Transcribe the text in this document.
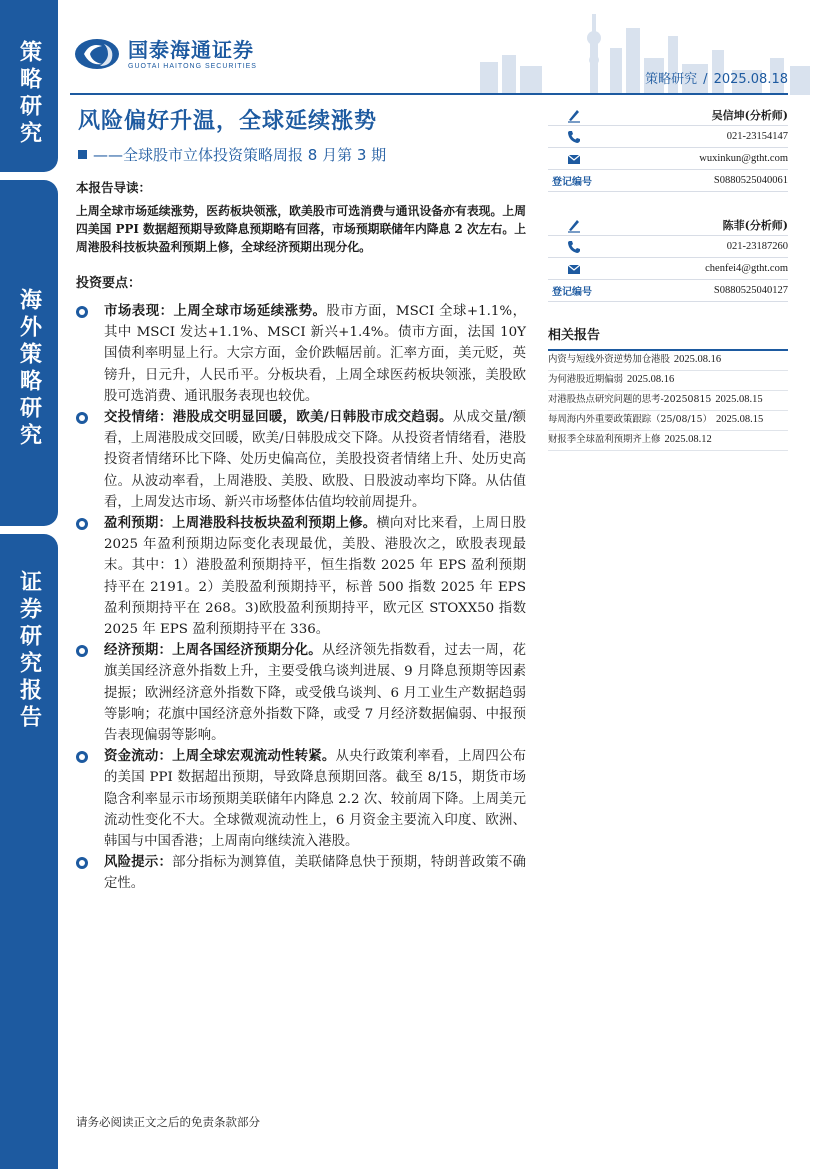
策略研究
海外策略研究
证券研究报告
国泰海通证券
GUOTAI HAITONG SECURITIES
策略研究 / 2025.08.18
风险偏好升温，全球延续涨势
——全球股市立体投资策略周报 8 月第 3 期
本报告导读：
上周全球市场延续涨势，医药板块领涨，欧美股市可选消费与通讯设备亦有表现。上周四美国 PPI 数据超预期导致降息预期略有回落，市场预期联储年内降息 2 次左右。上周港股科技板块盈利预期上修，全球经济预期出现分化。
投资要点：
市场表现：上周全球市场延续涨势。股市方面，MSCI 全球+1.1%，其中 MSCI 发达+1.1%、MSCI 新兴+1.4%。债市方面，法国 10Y 国债利率明显上行。大宗方面，金价跌幅居前。汇率方面，美元贬，英镑升，日元升，人民币平。分板块看，上周全球医药板块领涨，美股欧股可选消费、通讯服务表现也较优。
交投情绪：港股成交明显回暖，欧美/日韩股市成交趋弱。从成交量/额看，上周港股成交回暖，欧美/日韩股成交下降。从投资者情绪看，港股投资者情绪环比下降、处历史偏高位，美股投资者情绪上升、处历史高位。从波动率看，上周港股、美股、欧股、日股波动率均下降。从估值看，上周发达市场、新兴市场整体估值均较前周提升。
盈利预期：上周港股科技板块盈利预期上修。横向对比来看，上周日股 2025 年盈利预期边际变化表现最优，美股、港股次之，欧股表现最末。其中：1）港股盈利预期持平，恒生指数 2025 年 EPS 盈利预期持平在 2191。2）美股盈利预期持平，标普 500 指数 2025 年 EPS 盈利预期持平在 268。3)欧股盈利预期持平，欧元区 STOXX50 指数 2025 年 EPS 盈利预期持平在 336。
经济预期：上周各国经济预期分化。从经济领先指数看，过去一周，花旗美国经济意外指数上升，主要受俄乌谈判进展、9 月降息预期等因素提振；欧洲经济意外指数下降，或受俄乌谈判、6 月工业生产数据趋弱等影响；花旗中国经济意外指数下降，或受 7 月经济数据偏弱、中报预告表现偏弱等影响。
资金流动：上周全球宏观流动性转紧。从央行政策利率看，上周四公布的美国 PPI 数据超出预期，导致降息预期回落。截至 8/15，期货市场隐含利率显示市场预期美联储年内降息 2.2 次、较前周下降。上周美元流动性变化不大。全球微观流动性上，6 月资金主要流入印度、欧洲、韩国与中国香港；上周南向继续流入港股。
风险提示：部分指标为测算值，美联储降息快于预期，特朗普政策不确定性。
吴信坤(分析师)
021-23154147
wuxinkun@gtht.com
登记编号	S0880525040061
陈菲(分析师)
021-23187260
chenfei4@gtht.com
登记编号	S0880525040127
相关报告
内资与短线外资逆势加仓港股 2025.08.16
为何港股近期偏弱 2025.08.16
对港股热点研究问题的思考-20250815 2025.08.15
每周海内外重要政策跟踪（25/08/15） 2025.08.15
财报季全球盈利预期齐上修 2025.08.12
请务必阅读正文之后的免责条款部分
